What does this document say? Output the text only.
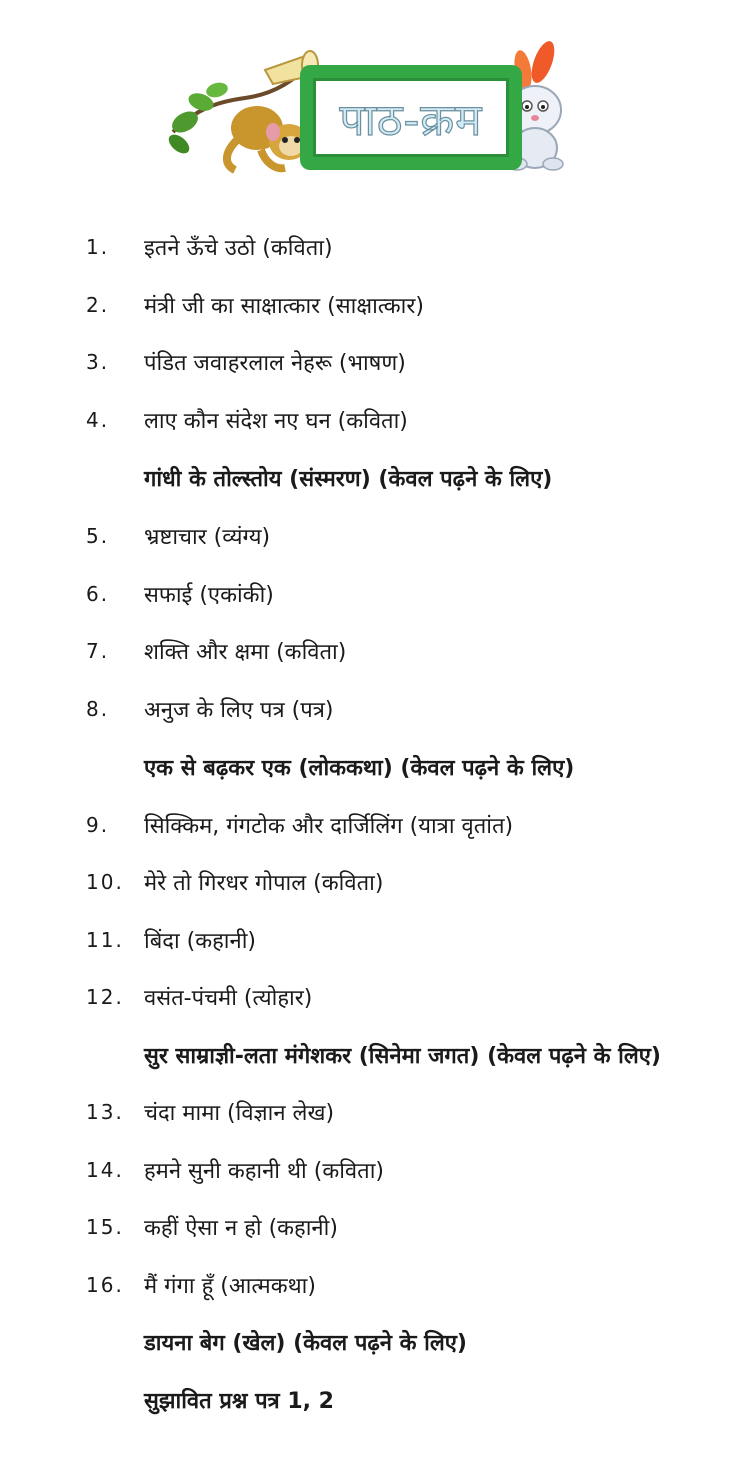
पाठ-क्रम
1. इतने ऊँचे उठो (कविता)
2. मंत्री जी का साक्षात्कार (साक्षात्कार)
3. पंडित जवाहरलाल नेहरू (भाषण)
4. लाए कौन संदेश नए घन (कविता)
गांधी के तोल्स्तोय (संस्मरण) (केवल पढ़ने के लिए)
5. भ्रष्टाचार (व्यंग्य)
6. सफाई (एकांकी)
7. शक्ति और क्षमा (कविता)
8. अनुज के लिए पत्र (पत्र)
एक से बढ़कर एक (लोककथा) (केवल पढ़ने के लिए)
9. सिक्किम, गंगटोक और दार्जिलिंग (यात्रा वृतांत)
10. मेरे तो गिरधर गोपाल (कविता)
11. बिंदा (कहानी)
12. वसंत-पंचमी (त्योहार)
सुर साम्राज्ञी-लता मंगेशकर (सिनेमा जगत) (केवल पढ़ने के लिए)
13. चंदा मामा (विज्ञान लेख)
14. हमने सुनी कहानी थी (कविता)
15. कहीं ऐसा न हो (कहानी)
16. मैं गंगा हूँ (आत्मकथा)
डायना बेग (खेल) (केवल पढ़ने के लिए)
सुझावित प्रश्न पत्र 1, 2
